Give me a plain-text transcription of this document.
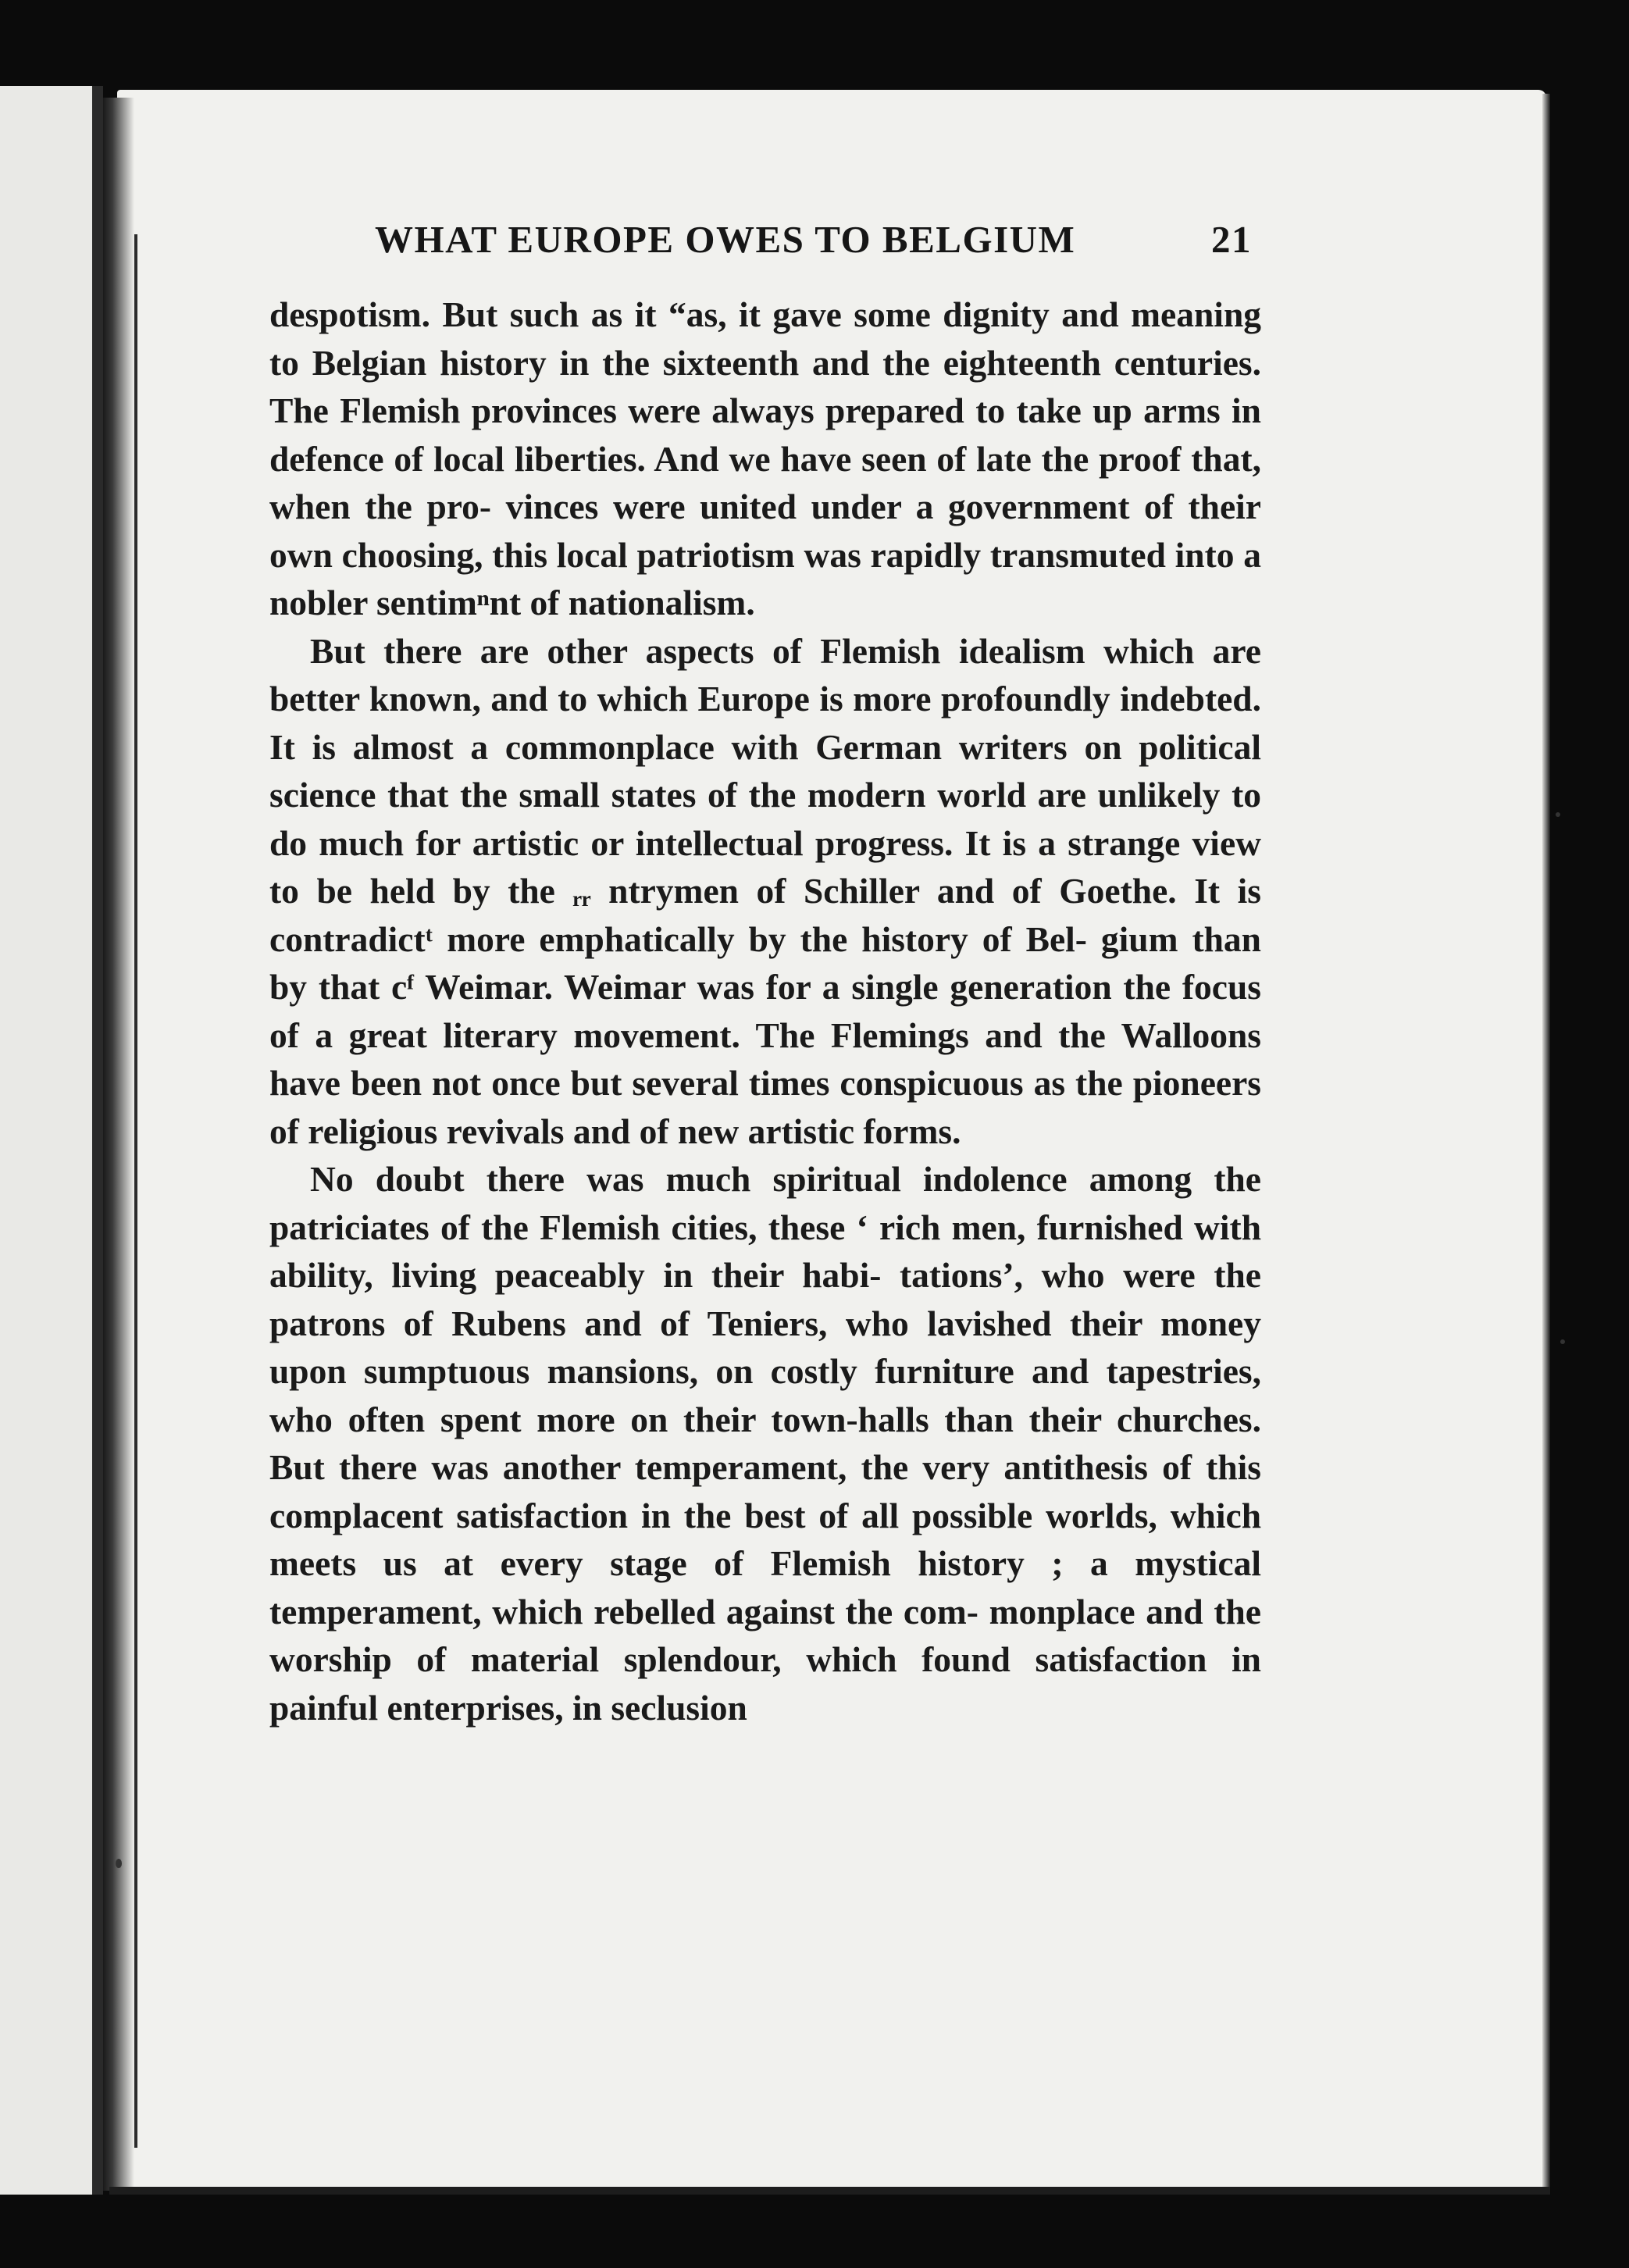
WHAT EUROPE OWES TO BELGIUM	21

despotism. But such as it “as, it gave some dignity and meaning to Belgian history in the sixteenth and the eighteenth centuries. The Flemish provinces were always prepared to take up arms in defence of local liberties. And we have seen of late the proof that, when the pro- vinces were united under a government of their own choosing, this local patriotism was rapidly transmuted into a nobler sentimⁿnt of nationalism.

But there are other aspects of Flemish idealism which are better known, and to which Europe is more profoundly indebted. It is almost a commonplace with German writers on political science that the small states of the modern world are unlikely to do much for artistic or intellectual progress. It is a strange view to be held by the ᵣᵣ ntrymen of Schiller and of Goethe. It is contradictᵗ more emphatically by the history of Bel- gium than by that cᶠ Weimar. Weimar was for a single generation the focus of a great literary movement. The Flemings and the Walloons have been not once but several times conspicuous as the pioneers of religious revivals and of new artistic forms.

No doubt there was much spiritual indolence among the patriciates of the Flemish cities, these ‘ rich men, furnished with ability, living peaceably in their habi- tations’, who were the patrons of Rubens and of Teniers, who lavished their money upon sumptuous mansions, on costly furniture and tapestries, who often spent more on their town-halls than their churches. But there was another temperament, the very antithesis of this complacent satisfaction in the best of all possible worlds, which meets us at every stage of Flemish history ; a mystical temperament, which rebelled against the com- monplace and the worship of material splendour, which found satisfaction in painful enterprises, in seclusion
